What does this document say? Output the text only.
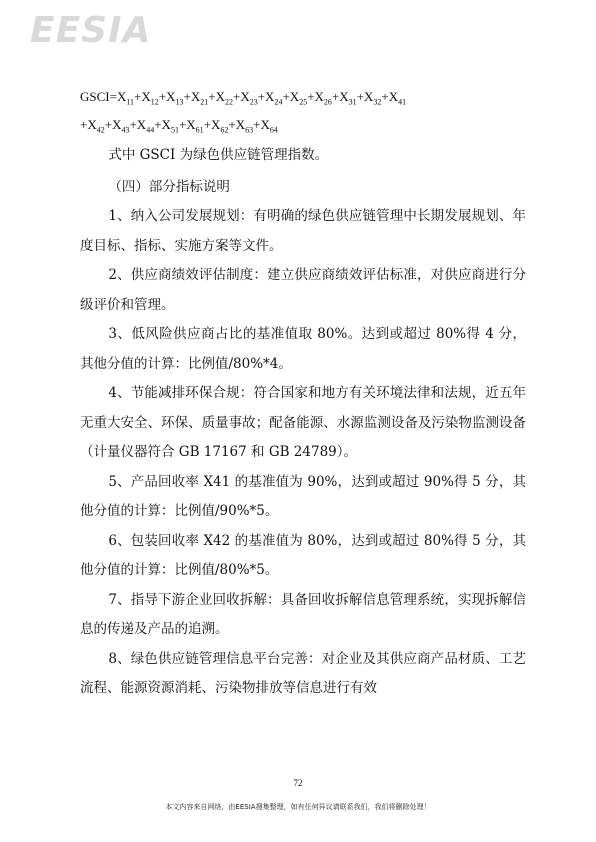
EESIA
$GSCI=X_{11}+X_{12}+X_{13}+X_{21}+X_{22}+X_{23}+X_{24}+X_{25}+X_{26}+X_{31}+X_{32}+X_{41}$
$+X_{42}+X_{43}+X_{44}+X_{51}+X_{61}+X_{62}+X_{63}+X_{64}$

式中 GSCI 为绿色供应链管理指数。

（四）部分指标说明

1、纳入公司发展规划：有明确的绿色供应链管理中长期发展规划、年度目标、指标、实施方案等文件。

2、供应商绩效评估制度：建立供应商绩效评估标准，对供应商进行分级评价和管理。

3、低风险供应商占比的基准值取 80%。达到或超过 80%得 4 分，其他分值的计算：比例值/80%*4。

4、节能减排环保合规：符合国家和地方有关环境法律和法规，近五年无重大安全、环保、质量事故；配备能源、水源监测设备及污染物监测设备（计量仪器符合 GB 17167 和 GB 24789）。

5、产品回收率 X41 的基准值为 90%，达到或超过 90%得 5 分，其他分值的计算：比例值/90%*5。

6、包装回收率 X42 的基准值为 80%，达到或超过 80%得 5 分，其他分值的计算：比例值/80%*5。

7、指导下游企业回收拆解：具备回收拆解信息管理系统，实现拆解信息的传递及产品的追溯。

8、绿色供应链管理信息平台完善：对企业及其供应商产品材质、工艺流程、能源资源消耗、污染物排放等信息进行有效

72
本文内容来自网络，由EESIA搜集整理，如有任何异议请联系我们，我们将删除处理！
